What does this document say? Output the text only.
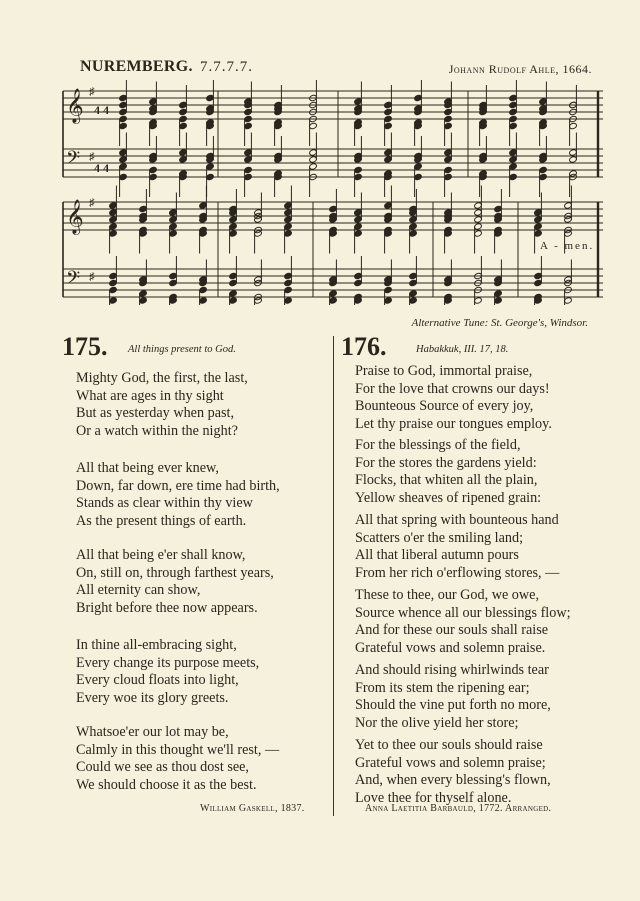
NUREMBERG. 7.7.7.7.	Johann Rudolf Ahle, 1664.
𝄞
𝄢
♯
♯
𝄞
𝄢
♯
♯
4 4
4 4
A - men.
Alternative Tune: St. George's, Windsor.
175. All things present to God.
Mighty God, the first, the last,
What are ages in thy sight
But as yesterday when past,
Or a watch within the night?
All that being ever knew,
Down, far down, ere time had birth,
Stands as clear within thy view
As the present things of earth.
All that being e'er shall know,
On, still on, through farthest years,
All eternity can show,
Bright before thee now appears.
In thine all-embracing sight,
Every change its purpose meets,
Every cloud floats into light,
Every woe its glory greets.
Whatsoe'er our lot may be,
Calmly in this thought we'll rest, —
Could we see as thou dost see,
We should choose it as the best.
William Gaskell, 1837.
176.	Habakkuk, III. 17, 18.
Praise to God, immortal praise,
For the love that crowns our days!
Bounteous Source of every joy,
Let thy praise our tongues employ.
For the blessings of the field,
For the stores the gardens yield:
Flocks, that whiten all the plain,
Yellow sheaves of ripened grain:
All that spring with bounteous hand
Scatters o'er the smiling land;
All that liberal autumn pours
From her rich o'erflowing stores, —
These to thee, our God, we owe,
Source whence all our blessings flow;
And for these our souls shall raise
Grateful vows and solemn praise.
And should rising whirlwinds tear
From its stem the ripening ear;
Should the vine put forth no more,
Nor the olive yield her store;
Yet to thee our souls should raise
Grateful vows and solemn praise;
And, when every blessing's flown,
Love thee for thyself alone.
Anna Laetitia Barbauld, 1772. Arranged.
